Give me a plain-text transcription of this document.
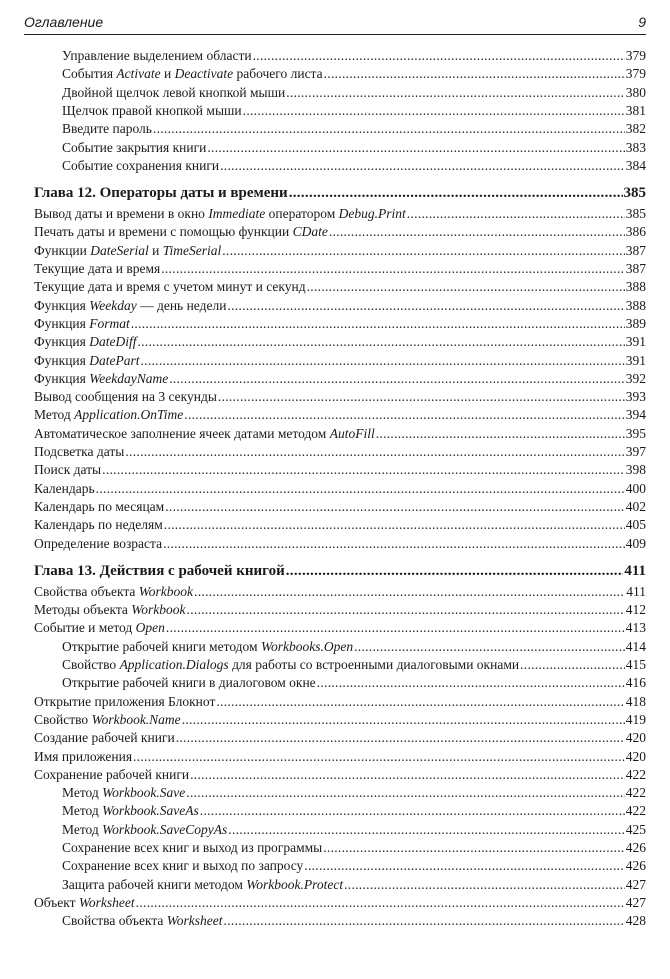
Оглавление	9
Управление выделением области .....	379
События Activate и Deactivate рабочего листа .....	379
Двойной щелчок левой кнопкой мыши .....	380
Щелчок правой кнопкой мыши .....	381
Введите пароль .....	382
Событие закрытия книги .....	383
Событие сохранения книги .....	384
Глава 12. Операторы даты и времени .....	385
Вывод даты и времени в окно Immediate оператором Debug.Print .....	385
Печать даты и времени с помощью функции CDate .....	386
Функции DateSerial и TimeSerial .....	387
Текущие дата и время .....	387
Текущие дата и время с учетом минут и секунд .....	388
Функция Weekday — день недели .....	388
Функция Format .....	389
Функция DateDiff .....	391
Функция DatePart .....	391
Функция WeekdayName .....	392
Вывод сообщения на 3 секунды .....	393
Метод Application.OnTime .....	394
Автоматическое заполнение ячеек датами методом AutoFill .....	395
Подсветка даты .....	397
Поиск даты .....	398
Календарь .....	400
Календарь по месяцам .....	402
Календарь по неделям .....	405
Определение возраста .....	409
Глава 13. Действия с рабочей книгой .....	411
Свойства объекта Workbook .....	411
Методы объекта Workbook .....	412
Событие и метод Open .....	413
Открытие рабочей книги методом Workbooks.Open .....	414
Свойство Application.Dialogs для работы со встроенными диалоговыми окнами .....	415
Открытие рабочей книги в диалоговом окне .....	416
Открытие приложения Блокнот .....	418
Свойство Workbook.Name .....	419
Создание рабочей книги .....	420
Имя приложения .....	420
Сохранение рабочей книги .....	422
Метод Workbook.Save .....	422
Метод Workbook.SaveAs .....	422
Метод Workbook.SaveCopyAs .....	425
Сохранение всех книг и выход из программы .....	426
Сохранение всех книг и выход по запросу .....	426
Защита рабочей книги методом Workbook.Protect .....	427
Объект Worksheet .....	427
Свойства объекта Worksheet .....	428
